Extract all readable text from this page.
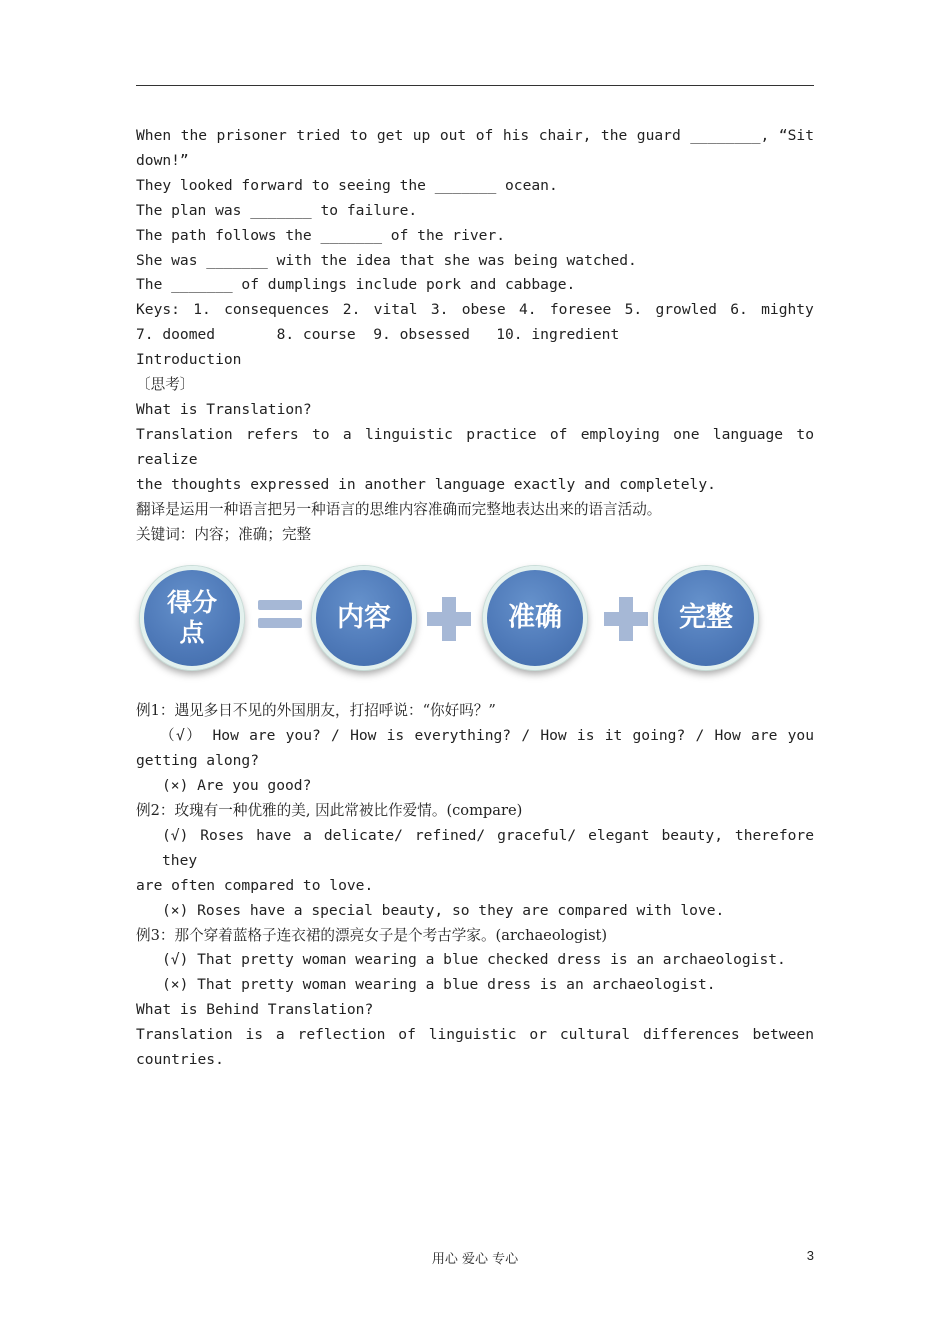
When the prisoner tried to get up out of his chair, the guard ________, “Sit

down!”

They looked forward to seeing the _______ ocean.

The plan was _______ to failure.

The path follows the _______ of the river.

She was _______ with the idea that she was being watched.

The _______ of dumplings include pork and cabbage.

Keys: 1. consequences 2. vital 3. obese 4. foresee 5. growled 6. mighty

7. doomed       8. course  9. obsessed   10. ingredient

Introduction

〔思考〕

What is Translation?

Translation refers to a linguistic practice of employing one language to realize

the thoughts expressed in another language exactly and completely.

翻译是运用一种语言把另一种语言的思维内容准确而完整地表达出来的语言活动。

关键词：内容；准确；完整

得分
点	内容	准确	完整

例1：遇见多日不见的外国朋友，打招呼说：“你好吗？”

（√） How are you? / How is everything? / How is it going? / How are you

getting along?

(×) Are you good?

例2：玫瑰有一种优雅的美, 因此常被比作爱情。(compare)

(√) Roses have a delicate/ refined/ graceful/ elegant beauty, therefore they

are often compared to love.

(×) Roses have a special beauty, so they are compared with love.

例3：那个穿着蓝格子连衣裙的漂亮女子是个考古学家。(archaeologist)

(√) That pretty woman wearing a blue checked dress is an archaeologist.

(×) That pretty woman wearing a blue dress is an archaeologist.

What is Behind Translation?

Translation is a reflection of linguistic or cultural differences between

countries.

用心 爱心 专心	3
